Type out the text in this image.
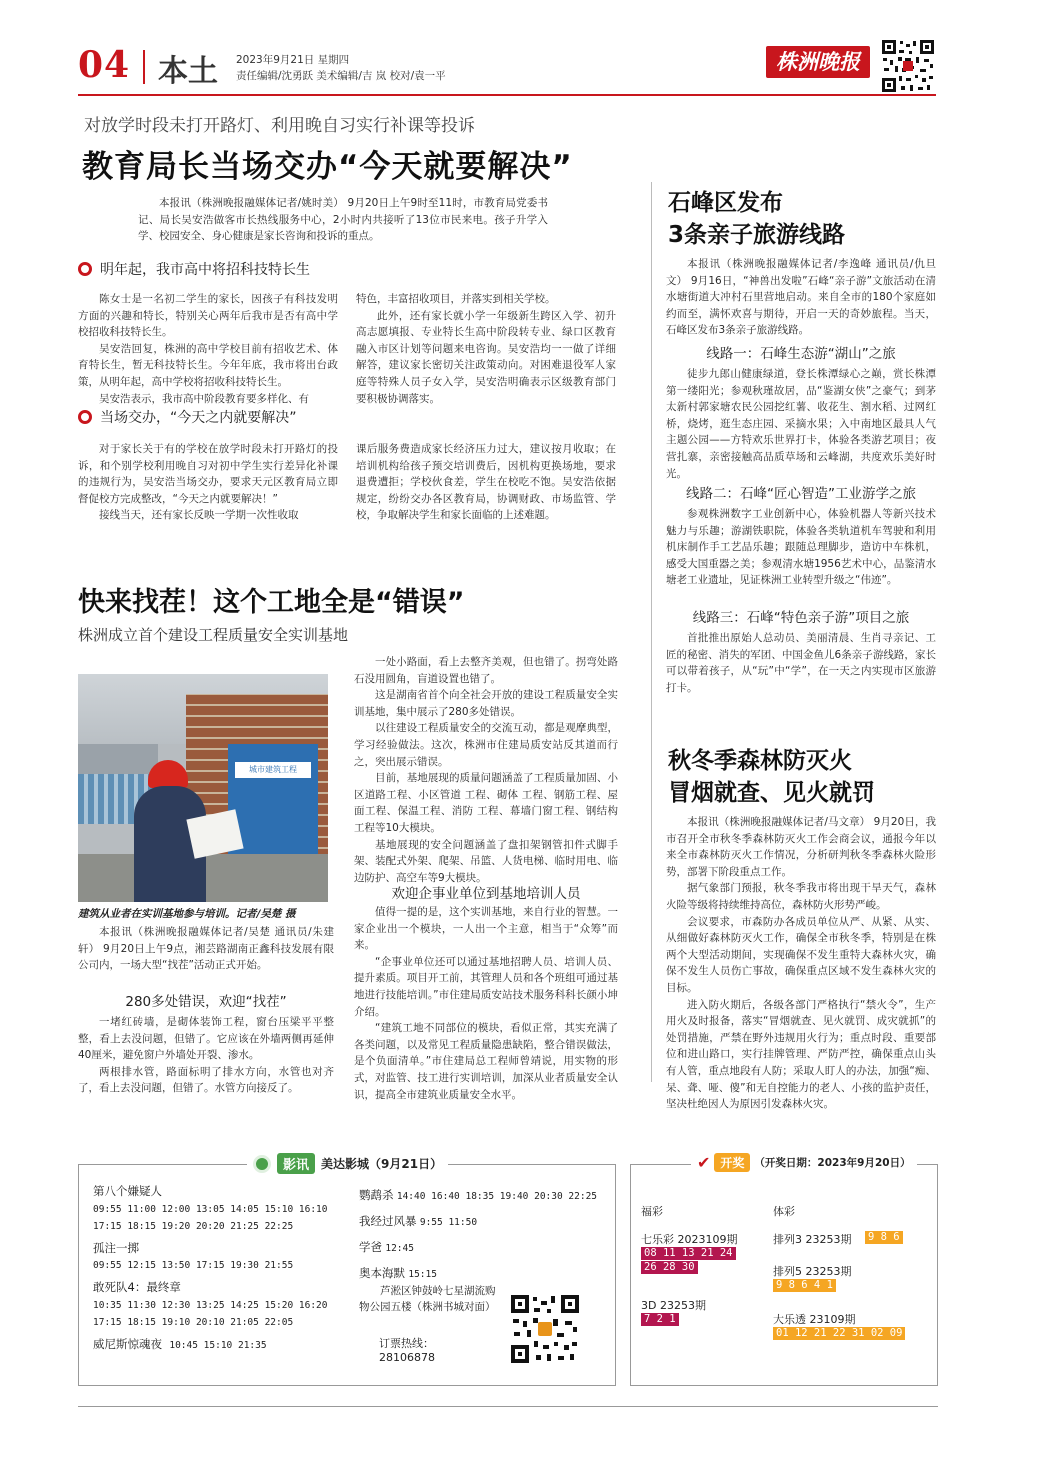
04 本土 2023年9月21日 星期四
责任编辑/沈勇跃 美术编辑/吉 岚 校对/袁一平
株洲晚报
对放学时段未打开路灯、利用晚自习实行补课等投诉
教育局长当场交办“今天就要解决”

本报讯（株洲晚报融媒体记者/姚时美） 9月20日上午9时至11时，市教育局党委书记、局长吴安浩做客市长热线服务中心，2小时内共接听了13位市民来电。孩子升学入学、校园安全、身心健康是家长咨询和投诉的重点。

明年起，我市高中将招科技特长生

陈女士是一名初二学生的家长，因孩子有科技发明方面的兴趣和特长，特别关心两年后我市是否有高中学校招收科技特长生。

吴安浩回复，株洲的高中学校目前有招收艺术、体育特长生，暂无科技特长生。今年年底，我市将出台政策，从明年起，高中学校将招收科技特长生。

吴安浩表示，我市高中阶段教育要多样化、有

特色，丰富招收项目，并落实到相关学校。

此外，还有家长就小学一年级新生跨区入学、初升高志愿填报、专业特长生高中阶段转专业、绿口区教育融入市区计划等问题来电咨询。吴安浩均一一做了详细解答，建议家长密切关注政策动向。对困难退役军人家庭等特殊人员子女入学，吴安浩明确表示区级教育部门要积极协调落实。

当场交办，“今天之内就要解决”

对于家长关于有的学校在放学时段未打开路灯的投诉，和个别学校利用晚自习对初中学生实行差异化补课的违规行为，吴安浩当场交办，要求天元区教育局立即督促校方完成整改，“今天之内就要解决！”

接线当天，还有家长反映一学期一次性收取

课后服务费造成家长经济压力过大，建议按月收取；在培训机构给孩子预交培训费后，因机构更换场地，要求退费遭拒；学校伙食差，学生在校吃不饱。吴安浩依据规定，纷纷交办各区教育局，协调财政、市场监管、学校，争取解决学生和家长面临的上述难题。
快来找茬！这个工地全是“错误”
株洲成立首个建设工程质量安全实训基地
城市建筑工程
建筑从业者在实训基地参与培训。记者/吴楚 摄

本报讯（株洲晚报融媒体记者/吴楚 通讯员/朱建轩） 9月20日上午9点，湘芸路湖南正鑫科技发展有限公司内，一场大型“找茬”活动正式开始。

280多处错误，欢迎“找茬”

一堵红砖墙，是砌体装饰工程，窗台压梁平平整整，看上去没问题，但错了。它应该在外墙两侧再延伸40厘米，避免窗户外墙处开裂、渗水。

两根排水管，路面标明了排水方向，水管也对齐了，看上去没问题，但错了。水管方向接反了。

一处小路面，看上去整齐美观，但也错了。拐弯处路石没用圆角，盲道设置也错了。

这是湖南省首个向全社会开放的建设工程质量安全实训基地，集中展示了280多处错误。

以往建设工程质量安全的交流互动，都是观摩典型，学习经验做法。这次，株洲市住建局质安站反其道而行之，突出展示错误。

目前，基地展现的质量问题涵盖了工程质量加固、小区道路工程、小区管道 工程、砌体 工程、钢筋工程、屋面工程、保温工程、消防 工程、幕墙门窗工程、钢结构工程等10大模块。

基地展现的安全问题涵盖了盘扣架钢管扣件式脚手架、装配式外架、爬架、吊篮、人货电梯、临时用电、临边防护、高空车等9大模块。

欢迎企事业单位到基地培训人员

值得一提的是，这个实训基地，来自行业的智慧。一家企业出一个模块，一人出一个主意，相当于“众筹”而来。

“企事业单位还可以通过基地招聘人员、培训人员、提升素质。项目开工前，其管理人员和各个班组可通过基地进行技能培训。”市住建局质安站技术服务科科长颜小坤介绍。

“建筑工地不同部位的模块，看似正常，其实充满了各类问题，以及常见工程质量隐患缺陷，整合错误做法，是个负面清单。”市住建局总工程师曾靖说，用实物的形式，对监管、技工进行实训培训，加深从业者质量安全认识，提高全市建筑业质量安全水平。

石峰区发布
3条亲子旅游线路

本报讯（株洲晚报融媒体记者/李逸峰 通讯员/仇旦文） 9月16日，“神兽出发啦”石峰“亲子游”文旅活动在清水塘街道大冲村石里营地启动。来自全市的180个家庭如约而至，满怀欢喜与期待，开启一天的奇妙旅程。当天，石峰区发布3条亲子旅游线路。

线路一：石峰生态游“湖山”之旅

徒步九郎山健康绿道，登长株潭绿心之巅，赏长株潭第一缕阳光；参观秋瑾故居，品“鉴湖女侠”之豪气；到茅太新村郭家塘农民公园挖红薯、收花生、割水稻、过网红桥，烧烤，逛生态庄园、采摘水果；入中南地区最具人气主题公园——方特欢乐世界打卡，体验各类游艺项目；夜营扎寨，亲密接触高品质草场和云峰湖，共度欢乐美好时光。

线路二：石峰“匠心智造”工业游学之旅

参观株洲数字工业创新中心，体验机器人等新兴技术魅力与乐趣；游湖铁职院，体验各类轨道机车驾驶和利用机床制作手工艺品乐趣；跟随总理脚步，造访中车株机，感受大国重器之美；参观清水塘1956艺术中心，品鉴清水塘老工业遗址，见证株洲工业转型升级之“伟迹”。

线路三：石峰“特色亲子游”项目之旅

首批推出原始人总动员、美丽清晨、生肖寻亲记、工匠的秘密、消失的军团、中国金鱼儿6条亲子游线路，家长可以带着孩子，从“玩”中“学”，在一天之内实现市区旅游打卡。

秋冬季森林防灭火
冒烟就查、见火就罚

本报讯（株洲晚报融媒体记者/马文章） 9月20日，我市召开全市秋冬季森林防灭火工作会商会议，通报今年以来全市森林防灭火工作情况，分析研判秋冬季森林火险形势，部署下阶段重点工作。

据气象部门预报，秋冬季我市将出现干旱天气，森林火险等级将持续维持高位，森林防火形势严峻。

会议要求，市森防办各成员单位从严、从紧、从实、从细做好森林防灭火工作，确保全市秋冬季，特别是在株两个大型活动期间，实现确保不发生重特大森林火灾，确保不发生人员伤亡事故，确保重点区域不发生森林火灾的目标。

进入防火期后，各级各部门严格执行“禁火令”，生产用火及时报备，落实“冒烟就查、见火就罚、成灾就抓”的处罚措施，严禁在野外违规用火行为；重点时段、重要部位和进山路口，实行挂牌管理、严防严控，确保重点山头有人管，重点地段有人防；采取人盯人的办法，加强“痴、呆、聋、哑、傻”和无自控能力的老人、小孩的监护责任，坚决杜绝因人为原因引发森林火灾。

影讯	美达影城（9月21日）
第八个嫌疑人
09:55 11:00 12:00 13:05 14:05 15:10 16:10
17:15 18:15 19:20 20:20 21:25 22:25
孤注一掷
09:55 12:15 13:50 17:15 19:30 21:55
敢死队4：最终章
10:35 11:30 12:30 13:25 14:25 15:20 16:20
17:15 18:15 19:10 20:10 21:05 22:05
威尼斯惊魂夜 10:45 15:10 21:35
鹦鹉杀 14:40 16:40 18:35 19:40 20:30 22:25
我经过风暴 9:55 11:50
学爸 12:45
奥本海默 15:15
芦淞区钟鼓岭七星湖流购物公园五楼（株洲书城对面）
订票热线：
28106878
✔ 开奖 （开奖日期：2023年9月20日）
福彩	体彩
七乐彩 2023109期
08 11 13 21 24
26 28 30
3D 23253期
7 2 1
排列3 23253期 9 8 6
排列5 23253期
9 8 6 4 1
大乐透 23109期
01 12 21 22 31 02 09
